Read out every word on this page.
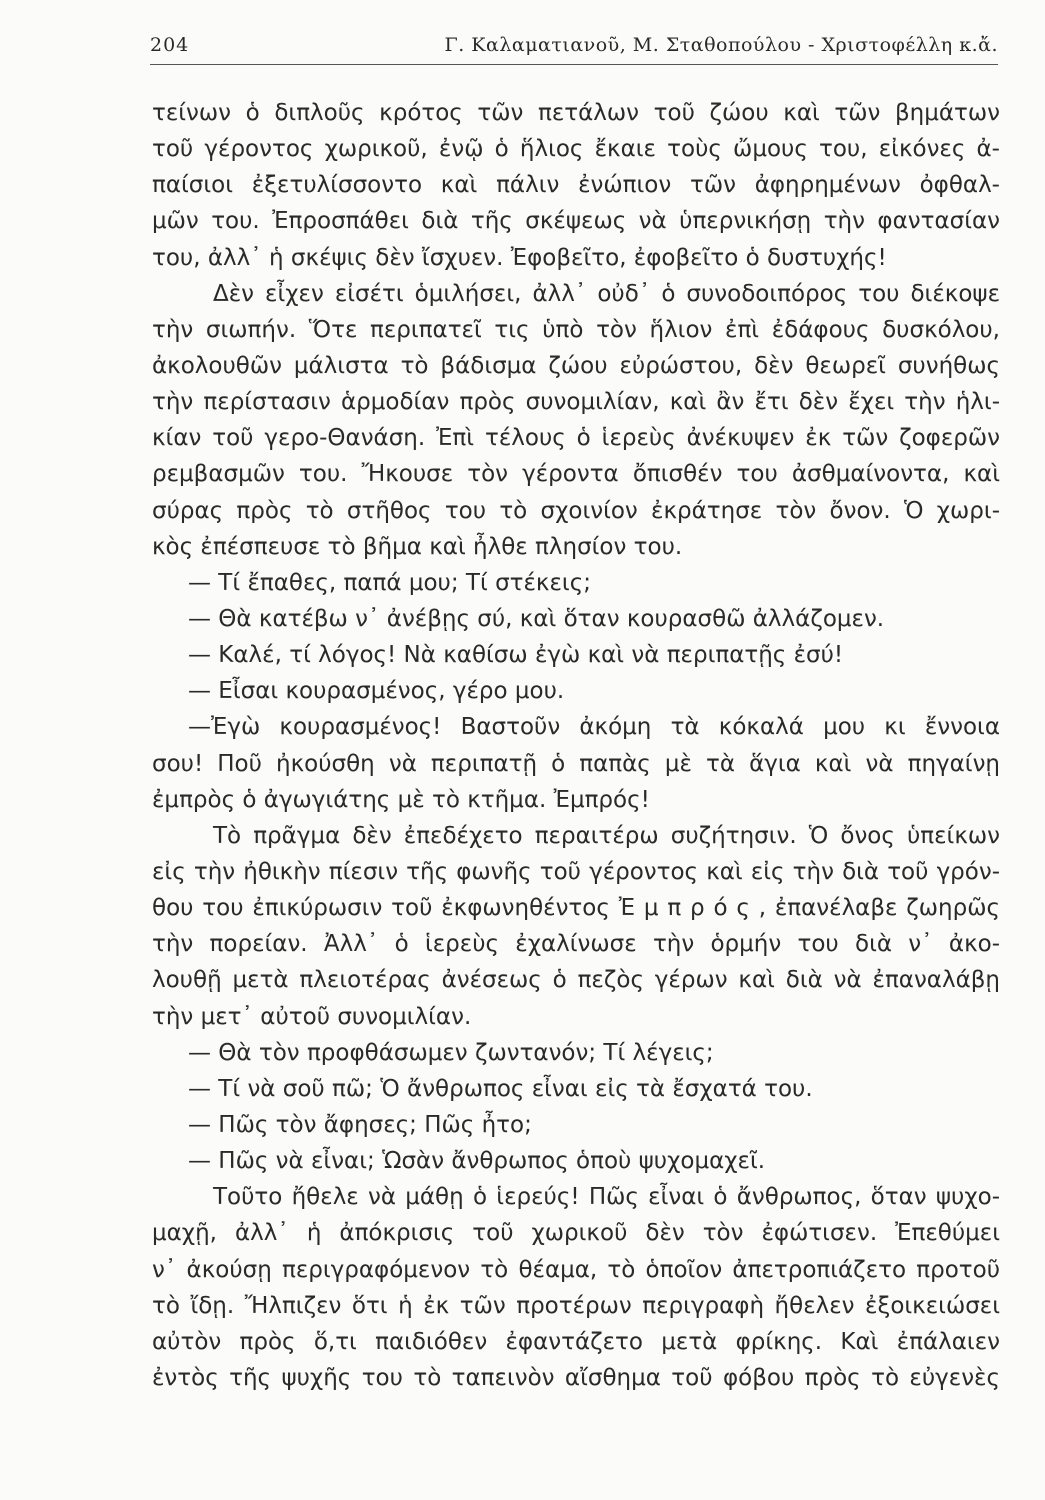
204	Γ. Καλαματιανοῦ, Μ. Σταθοπούλου - Χριστοφέλλη κ.ἄ.
τείνων ὁ διπλοῦς κρότος τῶν πετάλων τοῦ ζώου καὶ τῶν βημάτων
τοῦ γέροντος χωρικοῦ, ἐνῷ ὁ ἥλιος ἔκαιε τοὺς ὤμους του, εἰκόνες ἀ-
παίσιοι ἐξετυλίσσοντο καὶ πάλιν ἐνώπιον τῶν ἀφηρημένων ὀφθαλ-
μῶν του. Ἐπροσπάθει διὰ τῆς σκέψεως νὰ ὑπερνικήσῃ τὴν φαντασίαν
του, ἀλλ᾽ ἡ σκέψις δὲν ἴσχυεν. Ἐφοβεῖτο, ἐφοβεῖτο ὁ δυστυχής!
Δὲν εἶχεν εἰσέτι ὁμιλήσει, ἀλλ᾽ οὐδ᾽ ὁ συνοδοιπόρος του διέκοψε
τὴν σιωπήν. Ὅτε περιπατεῖ τις ὑπὸ τὸν ἥλιον ἐπὶ ἐδάφους δυσκόλου,
ἀκολουθῶν μάλιστα τὸ βάδισμα ζώου εὐρώστου, δὲν θεωρεῖ συνήθως
τὴν περίστασιν ἁρμοδίαν πρὸς συνομιλίαν, καὶ ἂν ἔτι δὲν ἔχει τὴν ἡλι-
κίαν τοῦ γερο-Θανάση. Ἐπὶ τέλους ὁ ἱερεὺς ἀνέκυψεν ἐκ τῶν ζοφερῶν
ρεμβασμῶν του. Ἤκουσε τὸν γέροντα ὄπισθέν του ἀσθμαίνοντα, καὶ
σύρας πρὸς τὸ στῆθος του τὸ σχοινίον ἐκράτησε τὸν ὄνον. Ὁ χωρι-
κὸς ἐπέσπευσε τὸ βῆμα καὶ ἦλθε πλησίον του.
— Τί ἔπαθες, παπά μου; Τί στέκεις;
— Θὰ κατέβω ν᾽ ἀνέβῃς σύ, καὶ ὅταν κουρασθῶ ἀλλάζομεν.
— Καλέ, τί λόγος! Νὰ καθίσω ἐγὼ καὶ νὰ περιπατῇς ἐσύ!
— Εἶσαι κουρασμένος, γέρο μου.
—Ἐγὼ κουρασμένος! Βαστοῦν ἀκόμη τὰ κόκαλά μου κι ἔννοια
σου! Ποῦ ἠκούσθη νὰ περιπατῇ ὁ παπὰς μὲ τὰ ἅγια καὶ νὰ πηγαίνῃ
ἐμπρὸς ὁ ἀγωγιάτης μὲ τὸ κτῆμα. Ἐμπρός!
Τὸ πρᾶγμα δὲν ἐπεδέχετο περαιτέρω συζήτησιν. Ὁ ὄνος ὑπείκων
εἰς τὴν ἠθικὴν πίεσιν τῆς φωνῆς τοῦ γέροντος καὶ εἰς τὴν διὰ τοῦ γρόν-
θου του ἐπικύρωσιν τοῦ ἐκφωνηθέντος Ἐ μ π ρ ό ς , ἐπανέλαβε ζωηρῶς
τὴν πορείαν. Ἀλλ᾽ ὁ ἱερεὺς ἐχαλίνωσε τὴν ὁρμήν του διὰ ν᾽ ἀκο-
λουθῇ μετὰ πλειοτέρας ἀνέσεως ὁ πεζὸς γέρων καὶ διὰ νὰ ἐπαναλάβῃ
τὴν μετ᾽ αὐτοῦ συνομιλίαν.
— Θὰ τὸν προφθάσωμεν ζωντανόν; Τί λέγεις;
— Τί νὰ σοῦ πῶ; Ὁ ἄνθρωπος εἶναι εἰς τὰ ἔσχατά του.
— Πῶς τὸν ἄφησες; Πῶς ἦτο;
— Πῶς νὰ εἶναι; Ὡσὰν ἄνθρωπος ὁποὺ ψυχομαχεῖ.
Τοῦτο ἤθελε νὰ μάθῃ ὁ ἱερεύς! Πῶς εἶναι ὁ ἄνθρωπος, ὅταν ψυχο-
μαχῇ, ἀλλ᾽ ἡ ἀπόκρισις τοῦ χωρικοῦ δὲν τὸν ἐφώτισεν. Ἐπεθύμει
ν᾽ ἀκούσῃ περιγραφόμενον τὸ θέαμα, τὸ ὁποῖον ἀπετροπιάζετο προτοῦ
τὸ ἴδῃ. Ἤλπιζεν ὅτι ἡ ἐκ τῶν προτέρων περιγραφὴ ἤθελεν ἐξοικειώσει
αὐτὸν πρὸς ὅ,τι παιδιόθεν ἐφαντάζετο μετὰ φρίκης. Καὶ ἐπάλαιεν
ἐντὸς τῆς ψυχῆς του τὸ ταπεινὸν αἴσθημα τοῦ φόβου πρὸς τὸ εὐγενὲς
